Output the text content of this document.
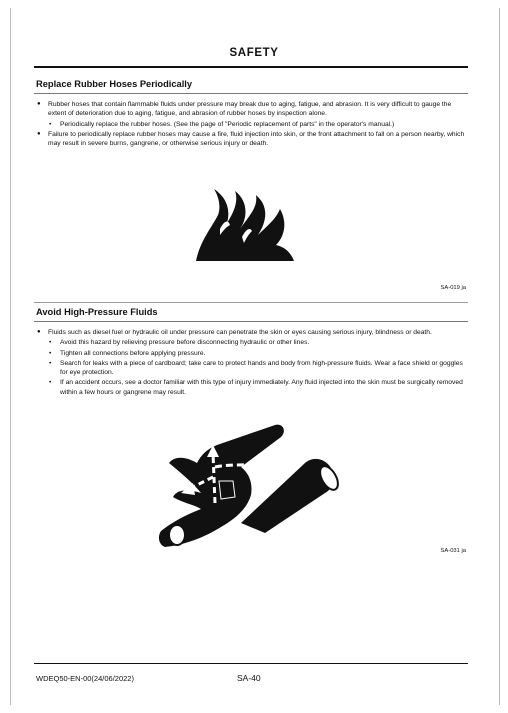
SAFETY
Replace Rubber Hoses Periodically
● Rubber hoses that contain flammable fluids under pressure may break due to aging, fatigue, and abrasion. It is very difficult to gauge the extent of deterioration due to aging, fatigue, and abrasion of rubber hoses by inspection alone.
• Periodically replace the rubber hoses. (See the page of "Periodic replacement of parts" in the operator's manual.)
● Failure to periodically replace rubber hoses may cause a fire, fluid injection into skin, or the front attachment to fall on a person nearby, which may result in severe burns, gangrene, or otherwise serious injury or death.
SA-019 ja
Avoid High-Pressure Fluids
● Fluids such as diesel fuel or hydraulic oil under pressure can penetrate the skin or eyes causing serious injury, blindness or death.
• Avoid this hazard by relieving pressure before disconnecting hydraulic or other lines.
• Tighten all connections before applying pressure.
• Search for leaks with a piece of cardboard; take care to protect hands and body from high-pressure fluids. Wear a face shield or goggles for eye protection.
• If an accident occurs, see a doctor familiar with this type of injury immediately. Any fluid injected into the skin must be surgically removed within a few hours or gangrene may result.
SA-031 ja
WDEQ50-EN-00(24/06/2022)	SA-40
